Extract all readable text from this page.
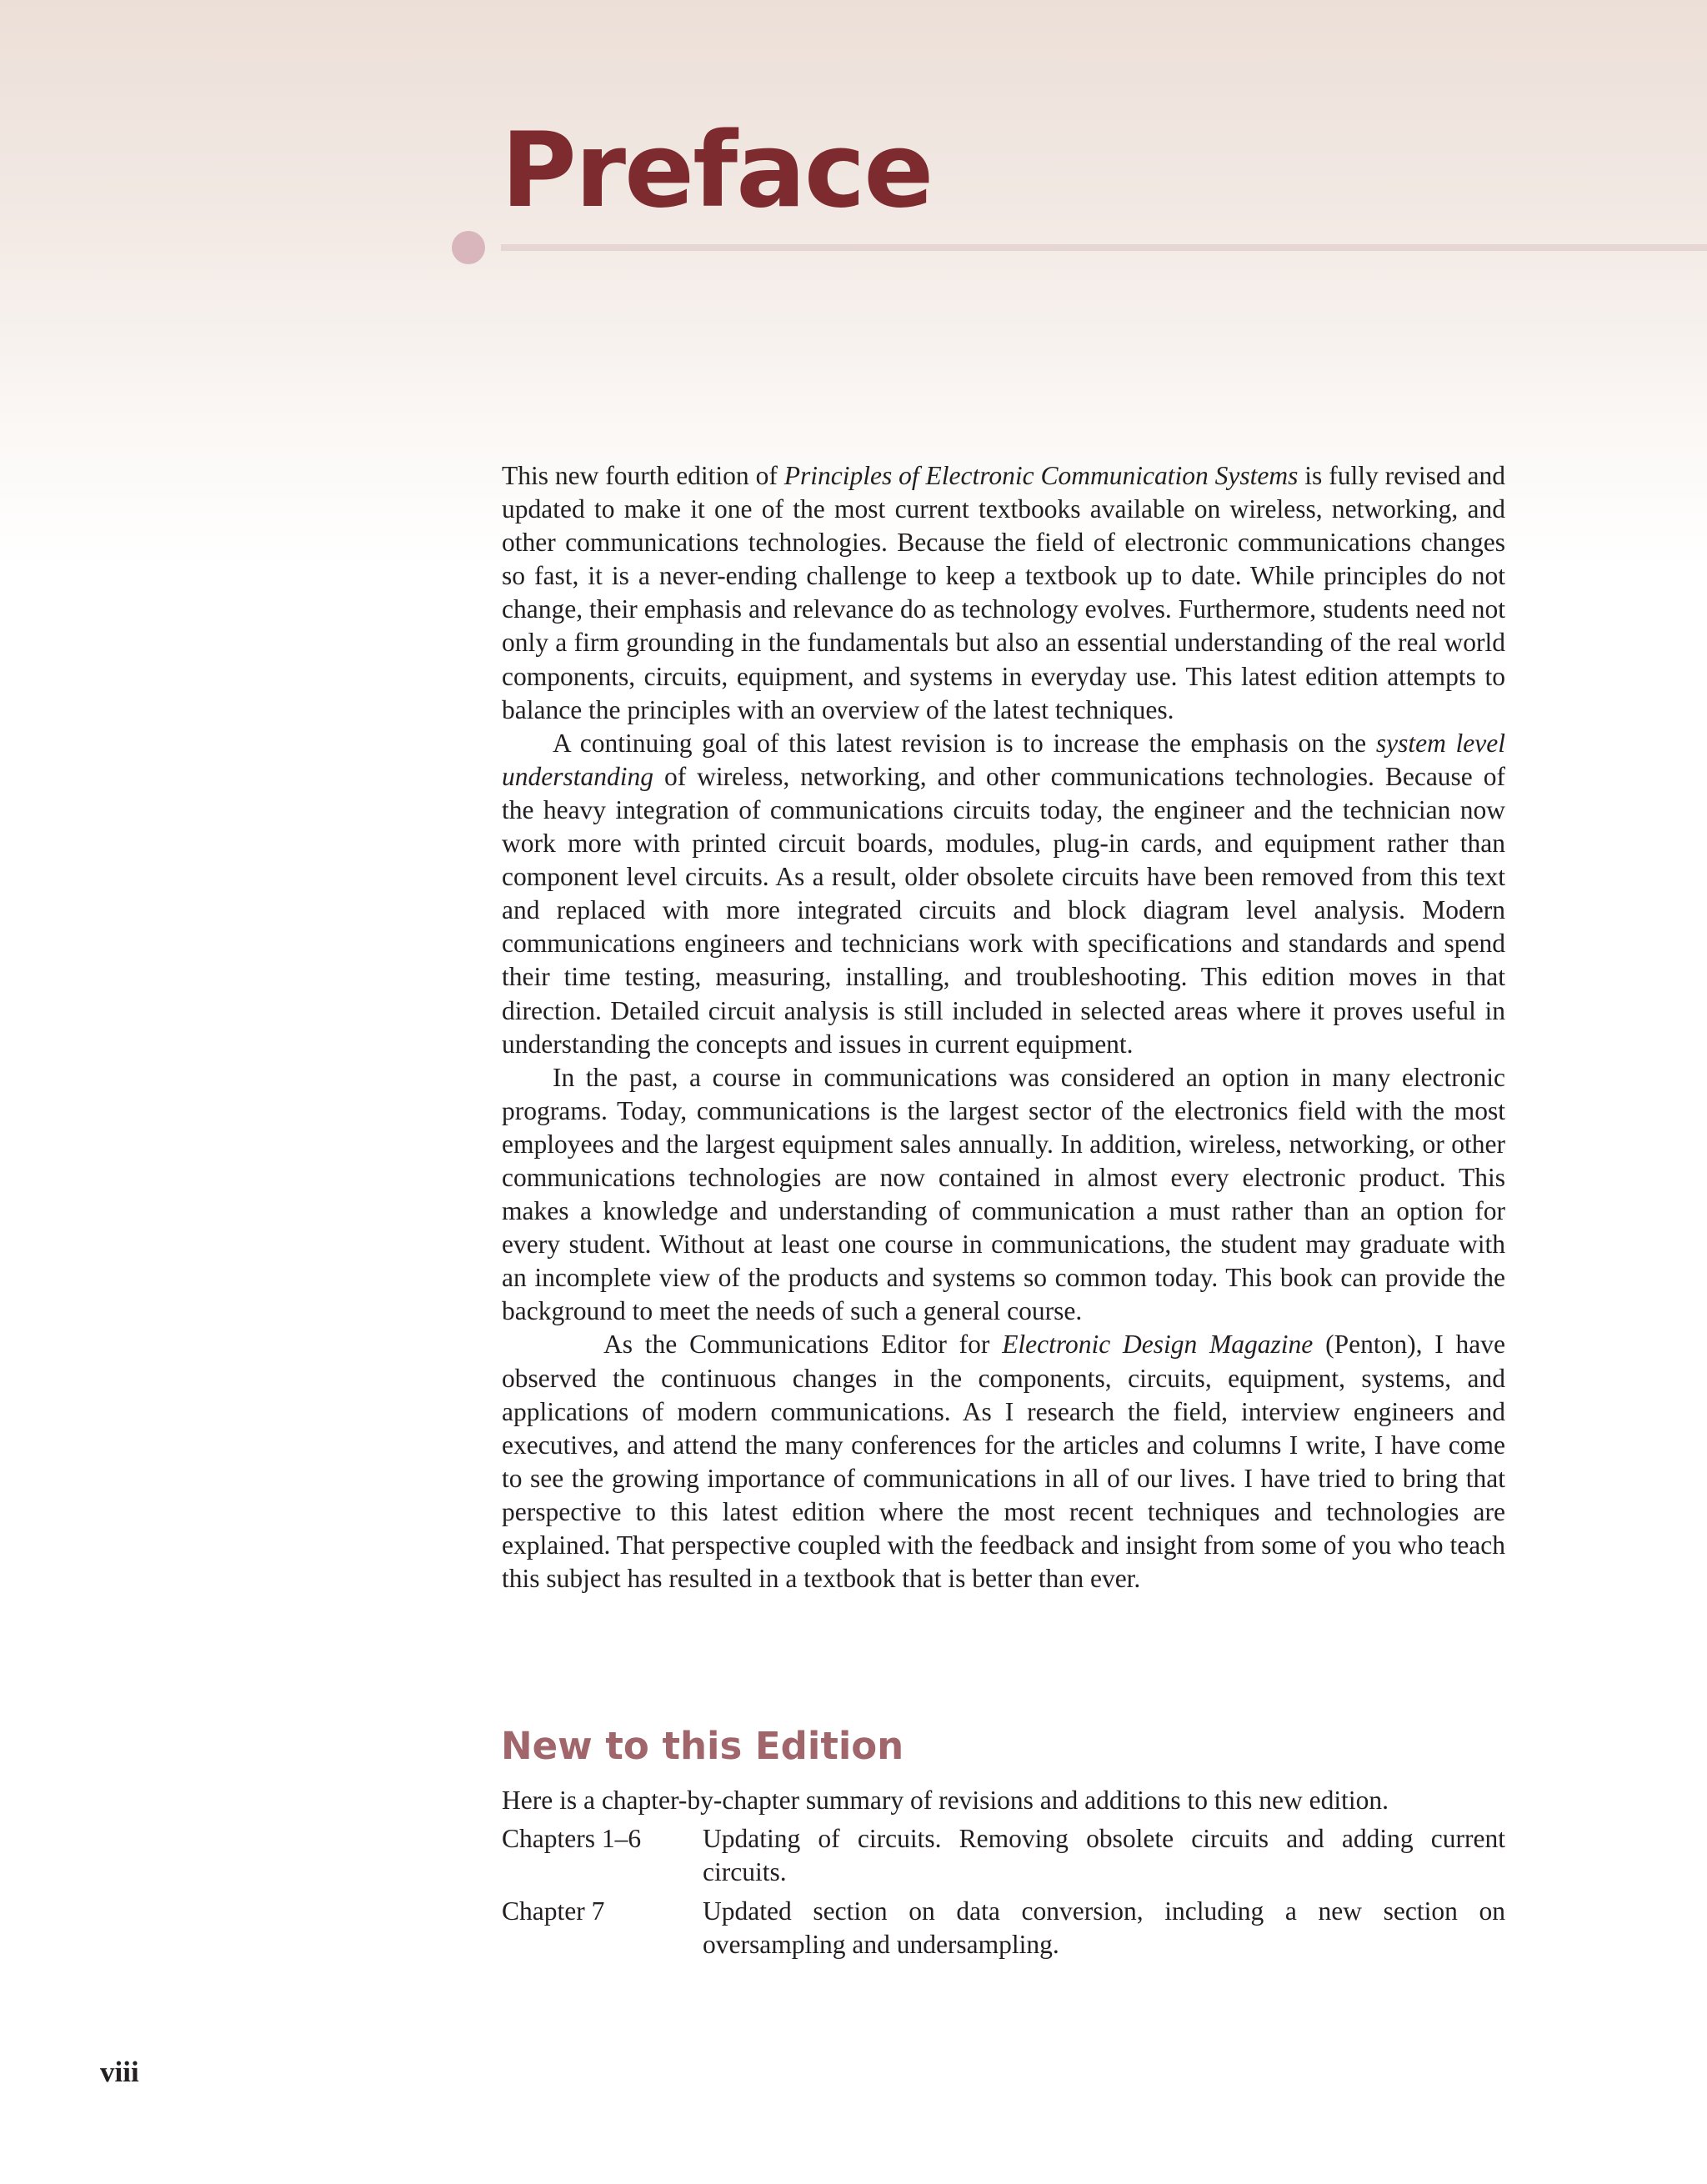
Preface

This new fourth edition of Principles of Electronic Communication Systems is fully revised and updated to make it one of the most current textbooks available on wireless, networking, and other communications technologies. Because the field of electronic communications changes so fast, it is a never-ending challenge to keep a textbook up to date. While principles do not change, their emphasis and relevance do as technology evolves. Furthermore, students need not only a firm grounding in the fundamentals but also an essential understanding of the real world components, circuits, equipment, and systems in everyday use. This latest edition attempts to balance the principles with an overview of the latest techniques.

A continuing goal of this latest revision is to increase the emphasis on the system level understanding of wireless, networking, and other communications technologies. Because of the heavy integration of communications circuits today, the engineer and the technician now work more with printed circuit boards, modules, plug-in cards, and equipment rather than component level circuits. As a result, older obsolete circuits have been removed from this text and replaced with more integrated circuits and block diagram level analysis. Modern communications engineers and technicians work with specifications and standards and spend their time testing, measuring, installing, and troubleshooting. This edition moves in that direction. Detailed circuit analysis is still included in selected areas where it proves useful in understanding the concepts and issues in current equipment.

In the past, a course in communications was considered an option in many electronic programs. Today, communications is the largest sector of the electronics field with the most employees and the largest equipment sales annually. In addition, wireless, networking, or other communications technologies are now contained in almost every electronic product. This makes a knowledge and understanding of communication a must rather than an option for every student. Without at least one course in communications, the student may graduate with an incomplete view of the products and systems so common today. This book can provide the background to meet the needs of such a general course.

As the Communications Editor for Electronic Design Magazine (Penton), I have observed the continuous changes in the components, circuits, equipment, systems, and applications of modern communications. As I research the field, interview engineers and executives, and attend the many conferences for the articles and columns I write, I have come to see the growing importance of communications in all of our lives. I have tried to bring that perspective to this latest edition where the most recent techniques and technologies are explained. That perspective coupled with the feedback and insight from some of you who teach this subject has resulted in a textbook that is better than ever.

New to this Edition

Here is a chapter-by-chapter summary of revisions and additions to this new edition.

Chapters 1–6	Updating of circuits. Removing obsolete circuits and adding current circuits.
Chapter 7	Updated section on data conversion, including a new section on oversampling and undersampling.

viii
